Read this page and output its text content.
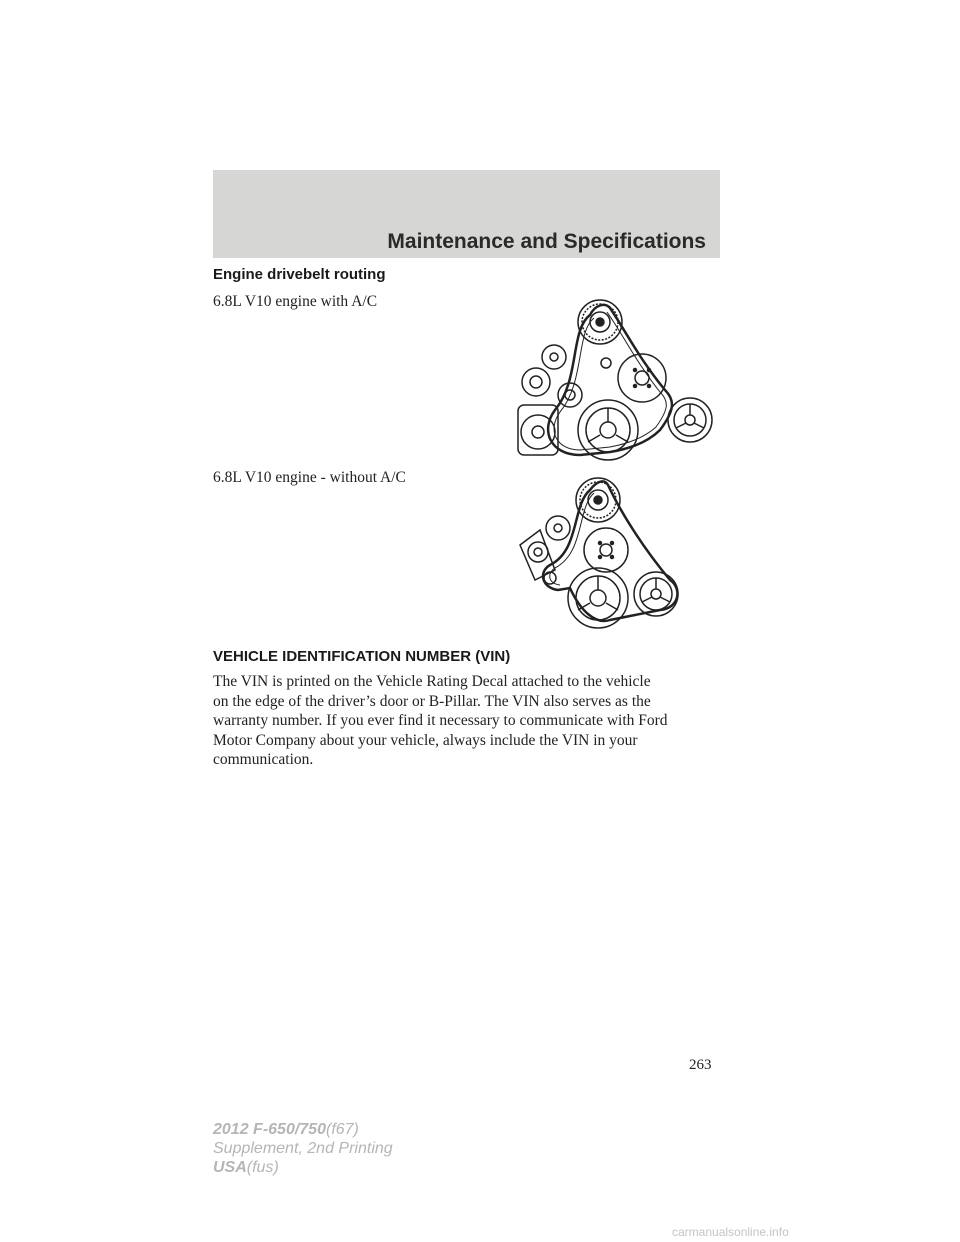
Maintenance and Specifications
Engine drivebelt routing
6.8L V10 engine with A/C
6.8L V10 engine - without A/C
VEHICLE IDENTIFICATION NUMBER (VIN)

The VIN is printed on the Vehicle Rating Decal attached to the vehicle
on the edge of the driver’s door or B-Pillar. The VIN also serves as the
warranty number. If you ever find it necessary to communicate with Ford
Motor Company about your vehicle, always include the VIN in your
communication.

263
2012 F-650/750(f67)
Supplement, 2nd Printing
USA(fus)
carmanualsonline.info
